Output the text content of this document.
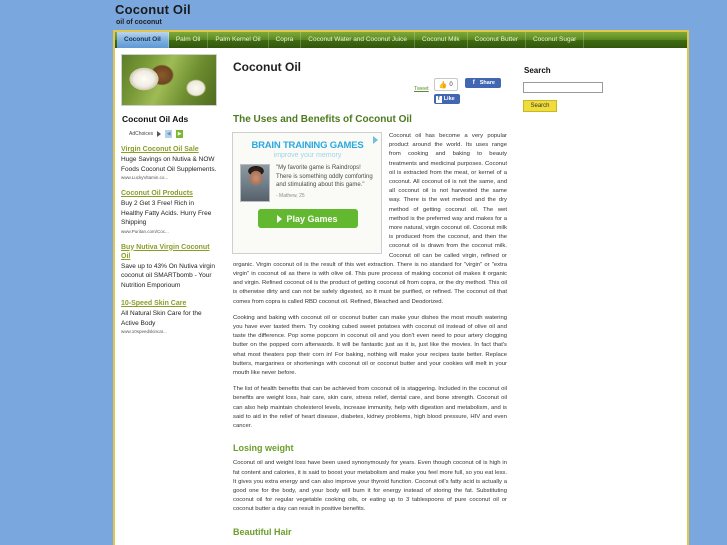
Coconut Oil
oil of coconut
Coconut Oil	Palm Oil	Palm Kernel Oil	Copra	Coconut Water and Coconut Juice	Coconut Milk	Coconut Butter	Coconut Sugar
Coconut Oil Ads
AdChoices	◀	▶
Virgin Coconut Oil Sale
Huge Savings on Nutiva & NOW Foods Coconut Oil Supplements.
www.LuckyVitamin.co...
Coconut Oil Products
Buy 2 Get 3 Free! Rich in Healthy Fatty Acids. Hurry Free Shipping
www.Puritan.com/Coc...
Buy Nutiva Virgin Coconut Oil
Save up to 43% On Nutiva virgin coconut oil SMARTbomb - Your Nutrition Emporioum
10-Speed Skin Care
All Natural Skin Care for the Active Body
www.10speedskincar...
Coconut Oil
Tweet
👍 0
f Like
f Share
The Uses and Benefits of Coconut Oil
BRAIN TRAINING GAMES
improve your memory
"My favorite game is Raindrops! There is something oddly comforting and stimulating about this game."
- Mathew, 25
Play Games

Coconut oil has become a very popular product around the world. Its uses range from cooking and baking to beauty treatments and medicinal purposes. Coconut oil is extracted from the meat, or kernel of a coconut. All coconut oil is not the same, and all coconut oil is not harvested the same way. There is the wet method and the dry method of getting coconut oil. The wet method is the preferred way and makes for a more natural, virgin coconut oil. Coconut milk is produced from the coconut, and then the coconut oil is drawn from the coconut milk. Coconut oil can be called virgin, refined or organic. Virgin coconut oil is the result of this wet extraction. There is no standard for "virgin" or "extra virgin" in coconut oil as there is with olive oil. This pure process of making coconut oil makes it organic and virgin. Refined coconut oil is the product of getting coconut oil from copra, or the dry method. This oil is otherwise dirty and can not be safely digested, so it must be purified, or refined. The coconut oil that comes from copra is called RBD coconut oil. Refined, Bleached and Deodorized.

Cooking and baking with coconut oil or coconut butter can make your dishes the most mouth watering you have ever tasted them. Try cooking cubed sweet potatoes with coconut oil instead of olive oil and taste the difference. Pop some popcorn in coconut oil and you don't even need to pour artery clogging butter on the popped corn afterwards. It will be fantastic just as it is, just like the movies. In fact that's what most theaters pop their corn in! For baking, nothing will make your recipes taste better. Replace butters, margarines or shortenings with coconut oil or coconut butter and your cookies will melt in your mouth like never before.

The list of health benefits that can be achieved from coconut oil is staggering. Included in the coconut oil benefits are weight loss, hair care, skin care, stress relief, dental care, and bone strength. Coconut oil can also help maintain cholesterol levels, increase immunity, help with digestion and metabolism, and is said to aid in the relief of heart disease, diabetes, kidney problems, high blood pressure, HIV and even cancer.

Losing weight

Coconut oil and weight loss have been used synonymously for years. Even though coconut oil is high in fat content and calories, it is said to boost your metabolism and make you feel more full, so you eat less. It gives you extra energy and can also improve your thyroid function. Coconut oil's fatty acid is actually a good one for the body, and your body will burn it for energy instead of storing the fat. Substituting coconut oil for regular vegetable cooking oils, or eating up to 3 tablespoons of pure coconut oil or coconut butter a day can result in positive benefits.

Beautiful Hair
Search
Search
